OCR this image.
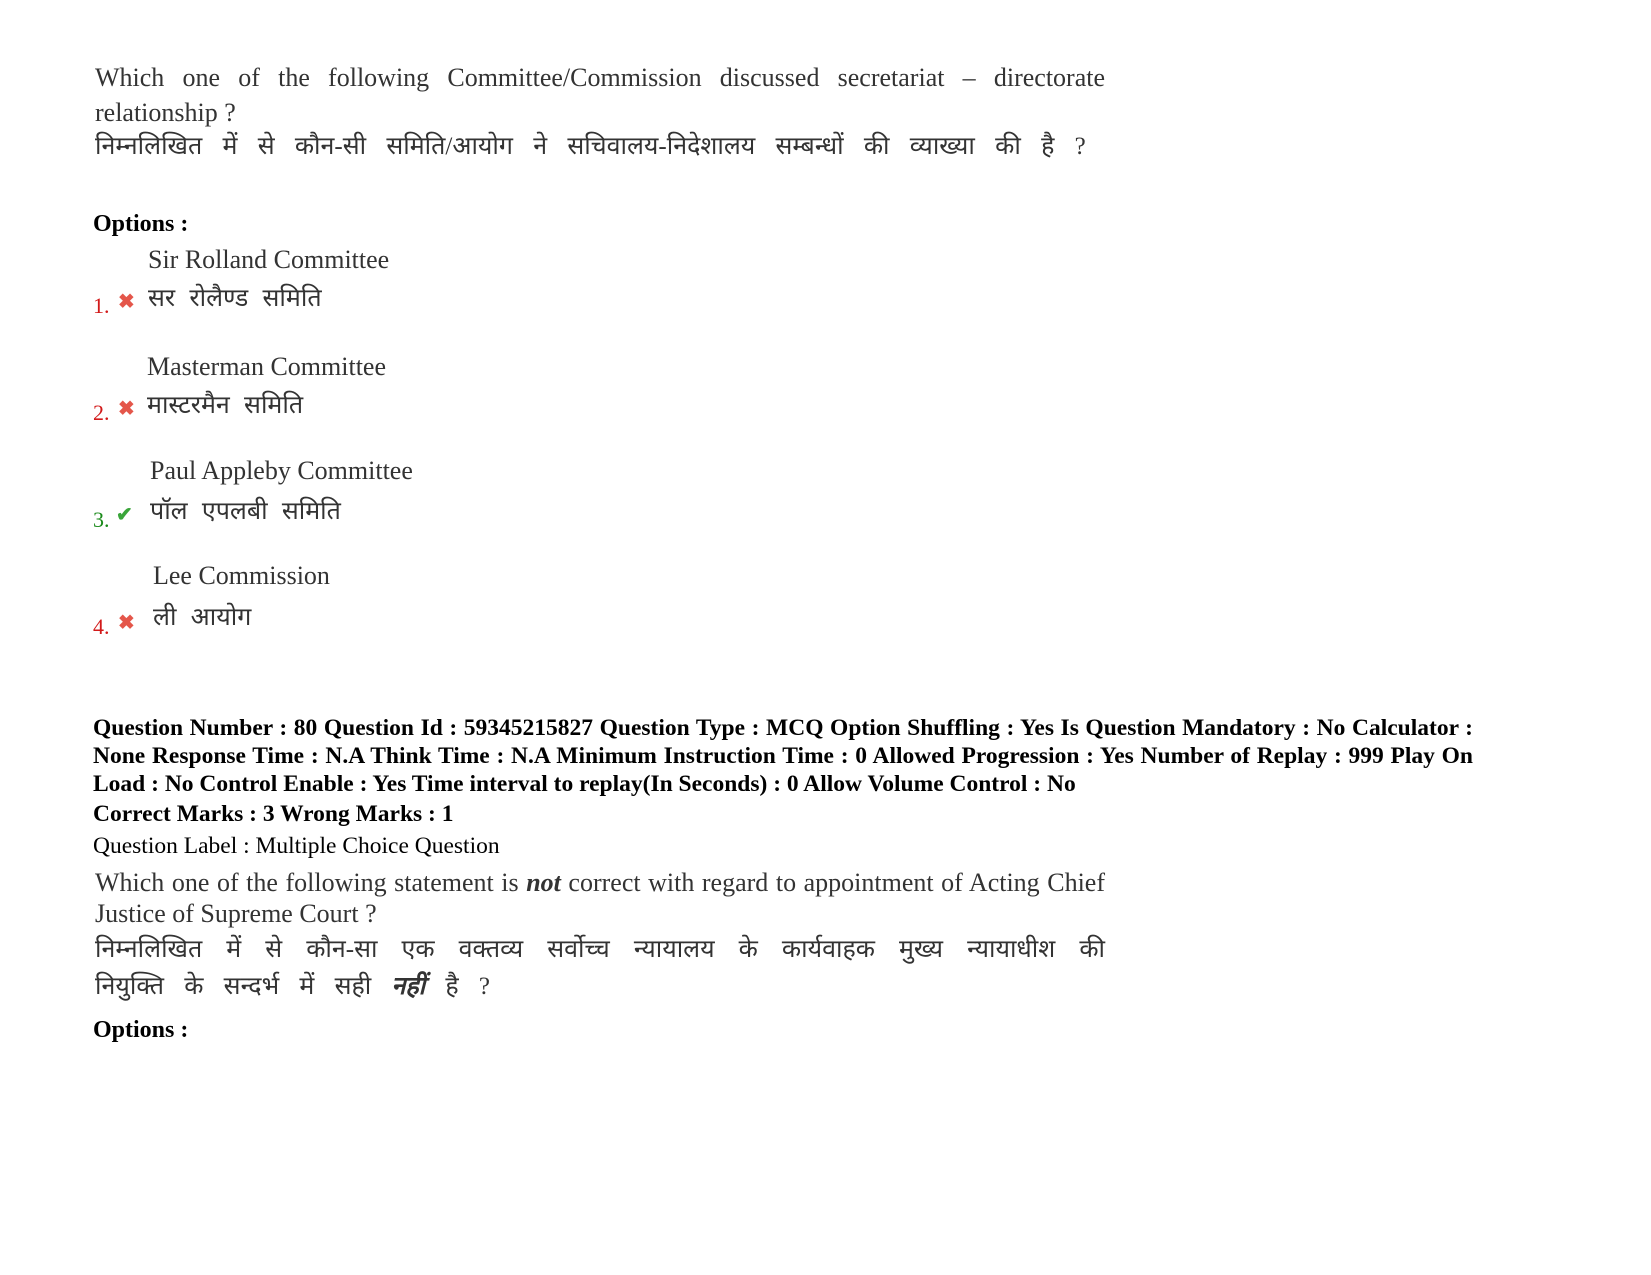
Which one of the following Committee/Commission discussed secretariat – directorate relationship ?
निम्नलिखित में से कौन-सी समिति/आयोग ने सचिवालय-निदेशालय सम्बन्धों की व्याख्या की है ?
Options :
Sir Rolland Committee
1. ✖ सर रोलैण्ड समिति
Masterman Committee
2. ✖ मास्टरमैन समिति
Paul Appleby Committee
3. ✔ पॉल एपलबी समिति
Lee Commission
4. ✖ ली आयोग
Question Number : 80 Question Id : 59345215827 Question Type : MCQ Option Shuffling : Yes Is Question Mandatory : No Calculator : None Response Time : N.A Think Time : N.A Minimum Instruction Time : 0 Allowed Progression : Yes Number of Replay : 999 Play On Load : No Control Enable : Yes Time interval to replay(In Seconds) : 0 Allow Volume Control : No
Correct Marks : 3 Wrong Marks : 1
Question Label : Multiple Choice Question
Which one of the following statement is not correct with regard to appointment of Acting Chief Justice of Supreme Court ?
निम्नलिखित में से कौन-सा एक वक्तव्य सर्वोच्च न्यायालय के कार्यवाहक मुख्य न्यायाधीश की नियुक्ति के सन्दर्भ में सही नहीं है ?
Options :
